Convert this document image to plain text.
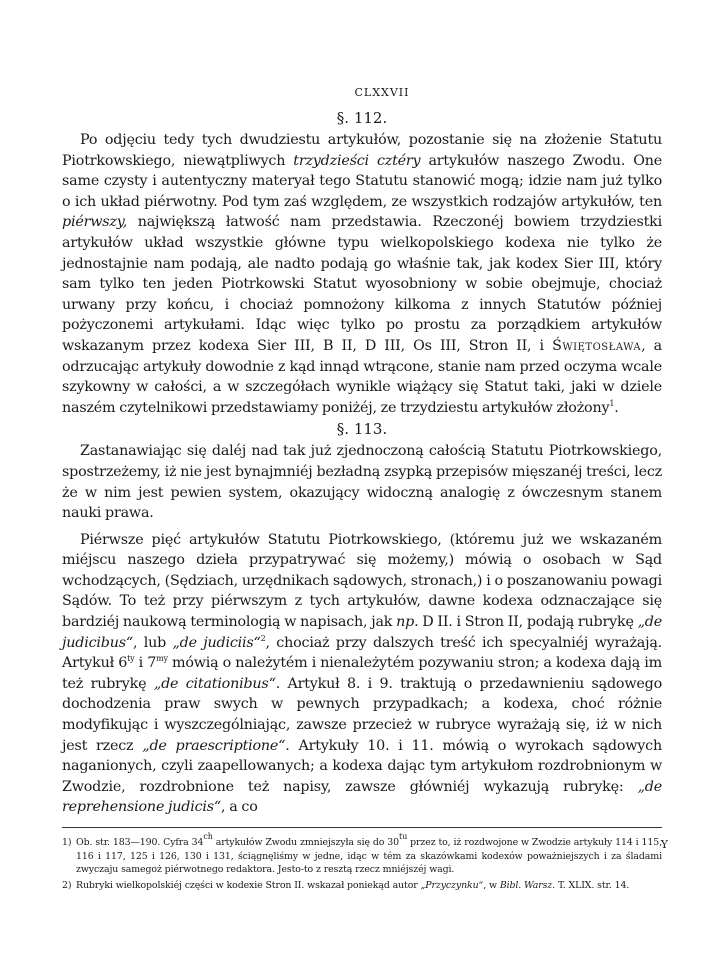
CLXXVII
§. 112.

Po odjęciu tedy tych dwudziestu artykułów, pozostanie się na złożenie Statutu Piotrkowskiego, niewątpliwych trzydzieści cztéry artykułów naszego Zwodu. One same czysty i autentyczny materyał tego Statutu stanowić mogą; idzie nam już tylko o ich układ piérwotny. Pod tym zaś względem, ze wszystkich rodzajów artykułów, ten piérwszy, największą łatwość nam przedstawia. Rzeczonéj bowiem trzydziestki artykułów układ wszystkie główne typu wielkopolskiego kodexa nie tylko że jednostajnie nam podają, ale nadto podają go właśnie tak, jak kodex Sier III, który sam tylko ten jeden Piotrkowski Statut wyosobniony w sobie obejmuje, chociaż urwany przy końcu, i chociaż pomnożony kilkoma z innych Statutów później pożyczonemi artykułami. Idąc więc tylko po prostu za porządkiem artykułów wskazanym przez kodexa Sier III, B II, D III, Os III, Stron II, i Świętosława, a odrzucając artykuły dowodnie z kąd innąd wtrącone, stanie nam przed oczyma wcale szykowny w całości, a w szczegółach wynikle wiążący się Statut taki, jaki w dziele naszém czytelnikowi przedstawiamy poniżéj, ze trzydziestu artykułów złożony$^1$.

§. 113.

Zastanawiając się daléj nad tak już zjednoczoną całością Statutu Piotrkowskiego, spostrzeżemy, iż nie jest bynajmniéj bezładną zsypką przepisów mięszanéj treści, lecz że w nim jest pewien system, okazujący widoczną analogię z ówczesnym stanem nauki prawa.

Piérwsze pięć artykułów Statutu Piotrkowskiego, (któremu już we wskazaném miéjscu naszego dzieła przypatrywać się możemy,) mówią o osobach w Sąd wchodzących, (Sędziach, urzędnikach sądowych, stronach,) i o poszanowaniu powagi Sądów. To też przy piérwszym z tych artykułów, dawne kodexa odznaczające się bardziéj naukową terminologią w napisach, jak np. D II. i Stron II, podają rubrykę „de judicibus“, lub „de judiciis“$^2$, chociaż przy dalszych treść ich specyalniéj wyrażają. Artykuł $6^{ty}$ i $7^{my}$ mówią o należytém i nienależytém pozywaniu stron; a kodexa dają im też rubrykę „de citationibus“. Artykuł 8. i 9. traktują o przedawnieniu sądowego dochodzenia praw swych w pewnych przypadkach; a kodexa, choć różnie modyfikując i wyszczególniając, zawsze przecież w rubryce wyrażają się, iż w nich jest rzecz „de praescriptione“. Artykuły 10. i 11. mówią o wyrokach sądowych naganionych, czyli zaapellowanych; a kodexa dając tym artykułom rozdrobnionym w Zwodzie, rozdrobnione też napisy, zawsze główniéj wykazują rubrykę: „de reprehensione judicis“, a co

1) Ob. str. 183—190. Cyfra $34^{ch}$ artykułów Zwodu zmniejszyła się do $30^{tu}$ przez to, iż rozdwojone w Zwodzie artykuły 114 i 115, 116 i 117, 125 i 126, 130 i 131, ściągnęliśmy w jedne, idąc w tém za skazówkami kodexów poważniejszych i za śladami zwyczaju samegoż piérwotnego redaktora. Jesto-to z resztą rzecz mniéjszéj wagi.

2) Rubryki wielkopolskiéj części w kodexie Stron II. wskazał poniekąd autor „Przyczynku“, w Bibl. Warsz. T. XLIX. str. 14.

Y
